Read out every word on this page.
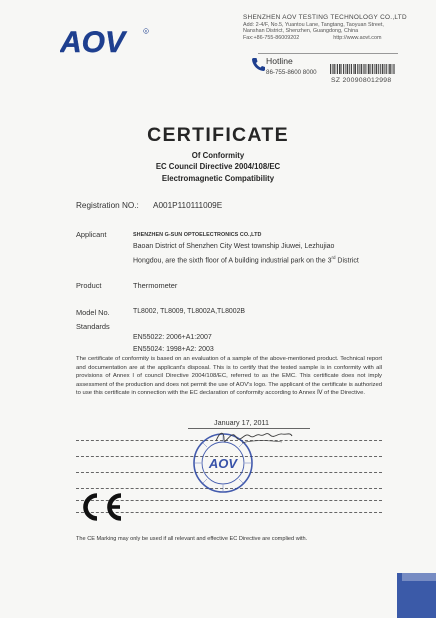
AOV	R
SHENZHEN AOV TESTING TECHNOLOGY CO.,LTD
Add: 2-4/F, No.5, Yuantou Lane, Tangtang, Taoyuan Street,
Nanshan District, Shenzhen, Guangdong, China
Fax:+86-755-86009202	http://www.aovt.com
Hotline
86-755-8600 8000
SZ 200908012998
CERTIFICATE
Of Conformity
EC Council Directive 2004/108/EC
Electromagnetic Compatibility
Registration NO.: A001P110111009E
Applicant	SHENZHEN G-SUN OPTOELECTRONICS CO.,LTD
Baoan District of Shenzhen City West township Jiuwei, Lezhujiao
Hongdou, are the sixth floor of A building industrial park on the 3rd District
Product	Thermometer
Model No.	TL8002, TL8009, TL8002A,TL8002B
Standards
EN55022: 2006+A1:2007
EN55024: 1998+A2: 2003
The certificate of conformity is based on an evaluation of a sample of the above-mentioned product. Technical report and documentation are at the applicant's disposal. This is to certify that the tested sample is in conformity with all provisions of Annex I of council Directive 2004/108/EC, referred to as the EMC. This certificate does not imply assessment of the production and does not permit the use of AOV's logo. The applicant of the certificate is authorized to use this certificate in connection with the EC declaration of conformity according to Annex Ⅳ of the Directive.
January 17, 2011
AOV
The CE Marking may only be used if all relevant and effective EC Directive are complied with.
